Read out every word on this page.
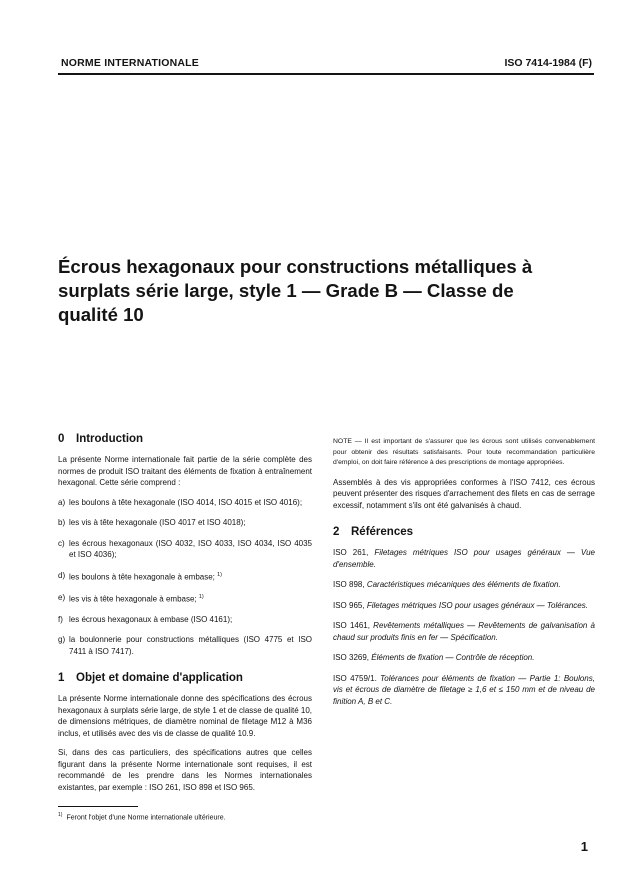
NORME INTERNATIONALE	ISO 7414-1984 (F)
Écrous hexagonaux pour constructions métalliques à
surplats série large, style 1 — Grade B — Classe de
qualité 10
0 Introduction

La présente Norme internationale fait partie de la série complète des normes de produit ISO traitant des éléments de fixation à entraînement hexagonal. Cette série comprend :

a) les boulons à tête hexagonale (ISO 4014, ISO 4015 et ISO 4016);
b) les vis à tête hexagonale (ISO 4017 et ISO 4018);
c) les écrous hexagonaux (ISO 4032, ISO 4033, ISO 4034, ISO 4035 et ISO 4036);
d) les boulons à tête hexagonale à embase; $^{1)}$
e) les vis à tête hexagonale à embase; $^{1)}$
f) les écrous hexagonaux à embase (ISO 4161);
g) la boulonnerie pour constructions métalliques (ISO 4775 et ISO 7411 à ISO 7417).
1 Objet et domaine d'application

La présente Norme internationale donne des spécifications des écrous hexagonaux à surplats série large, de style 1 et de classe de qualité 10, de dimensions métriques, de diamètre nominal de filetage M12 à M36 inclus, et utilisés avec des vis de classe de qualité 10.9.

Si, dans des cas particuliers, des spécifications autres que celles figurant dans la présente Norme internationale sont requises, il est recommandé de les prendre dans les Normes internationales existantes, par exemple : ISO 261, ISO 898 et ISO 965.

NOTE — Il est important de s'assurer que les écrous sont utilisés convenablement pour obtenir des résultats satisfaisants. Pour toute recommandation particulière d'emploi, on doit faire référence à des prescriptions de montage appropriées.

Assemblés à des vis appropriées conformes à l'ISO 7412, ces écrous peuvent présenter des risques d'arrachement des filets en cas de serrage excessif, notamment s'ils ont été galvanisés à chaud.

2 Références
ISO 261, Filetages métriques ISO pour usages généraux — Vue d'ensemble.
ISO 898, Caractéristiques mécaniques des éléments de fixation.
ISO 965, Filetages métriques ISO pour usages généraux — Tolérances.
ISO 1461, Revêtements métalliques — Revêtements de galvanisation à chaud sur produits finis en fer — Spécification.
ISO 3269, Éléments de fixation — Contrôle de réception.
ISO 4759/1. Tolérances pour éléments de fixation — Partie 1: Boulons, vis et écrous de diamètre de filetage ≥ 1,6 et ≤ 150 mm et de niveau de finition A, B et C.
$^{1)}$ Feront l'objet d'une Norme internationale ultérieure.
1
